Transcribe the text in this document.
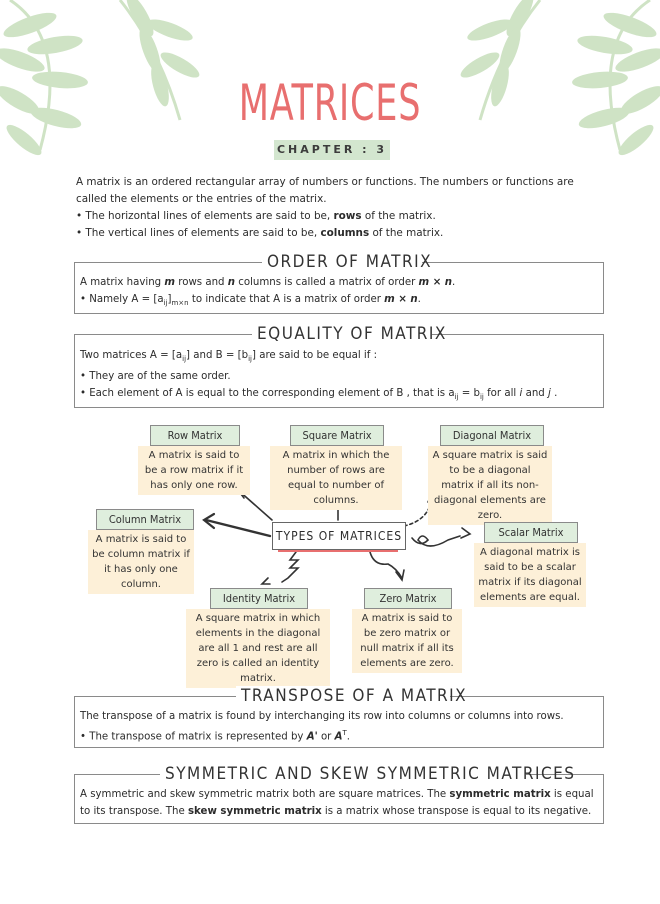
MATRICES
CHAPTER : 3

A matrix is an ordered rectangular array of numbers or functions. The numbers or functions are called the elements or the entries of the matrix.

• The horizontal lines of elements are said to be, rows of the matrix.

• The vertical lines of elements are said to be, columns of the matrix.

ORDER OF MATRIX

A matrix having m rows and n columns is called a matrix of order m × n.

• Namely $A = [a_{ij}]_{m\times n}$ to indicate that A is a matrix of order m × n.

EQUALITY OF MATRIX

Two matrices $A = [a_{ij}]$ and $B = [b_{ij}]$ are said to be equal if :

• They are of the same order.

• Each element of A is equal to the corresponding element of B , that is $a_{ij} = b_{ij}$ for all i and j .

TYPES OF MATRICES
Row Matrix
A matrix is said to be a row matrix if it has only one row.
Square Matrix
A matrix in which the number of rows are equal to number of columns.
Diagonal Matrix
A square matrix is said to be a diagonal matrix if all its non-diagonal elements are zero.
Column Matrix
A matrix is said to be column matrix if it has only one column.
Scalar Matrix
A diagonal matrix is said to be a scalar matrix if its diagonal elements are equal.
Identity Matrix
A square matrix in which elements in the diagonal are all 1 and rest are all zero is called an identity matrix.
Zero Matrix
A matrix is said to be zero matrix or null matrix if all its elements are zero.
TRANSPOSE OF A MATRIX

The transpose of a matrix is found by interchanging its row into columns or columns into rows.

• The transpose of matrix is represented by A' or $A^T$.

SYMMETRIC AND SKEW SYMMETRIC MATRICES

A symmetric and skew symmetric matrix both are square matrices. The symmetric matrix is equal to its transpose. The skew symmetric matrix is a matrix whose transpose is equal to its negative.
